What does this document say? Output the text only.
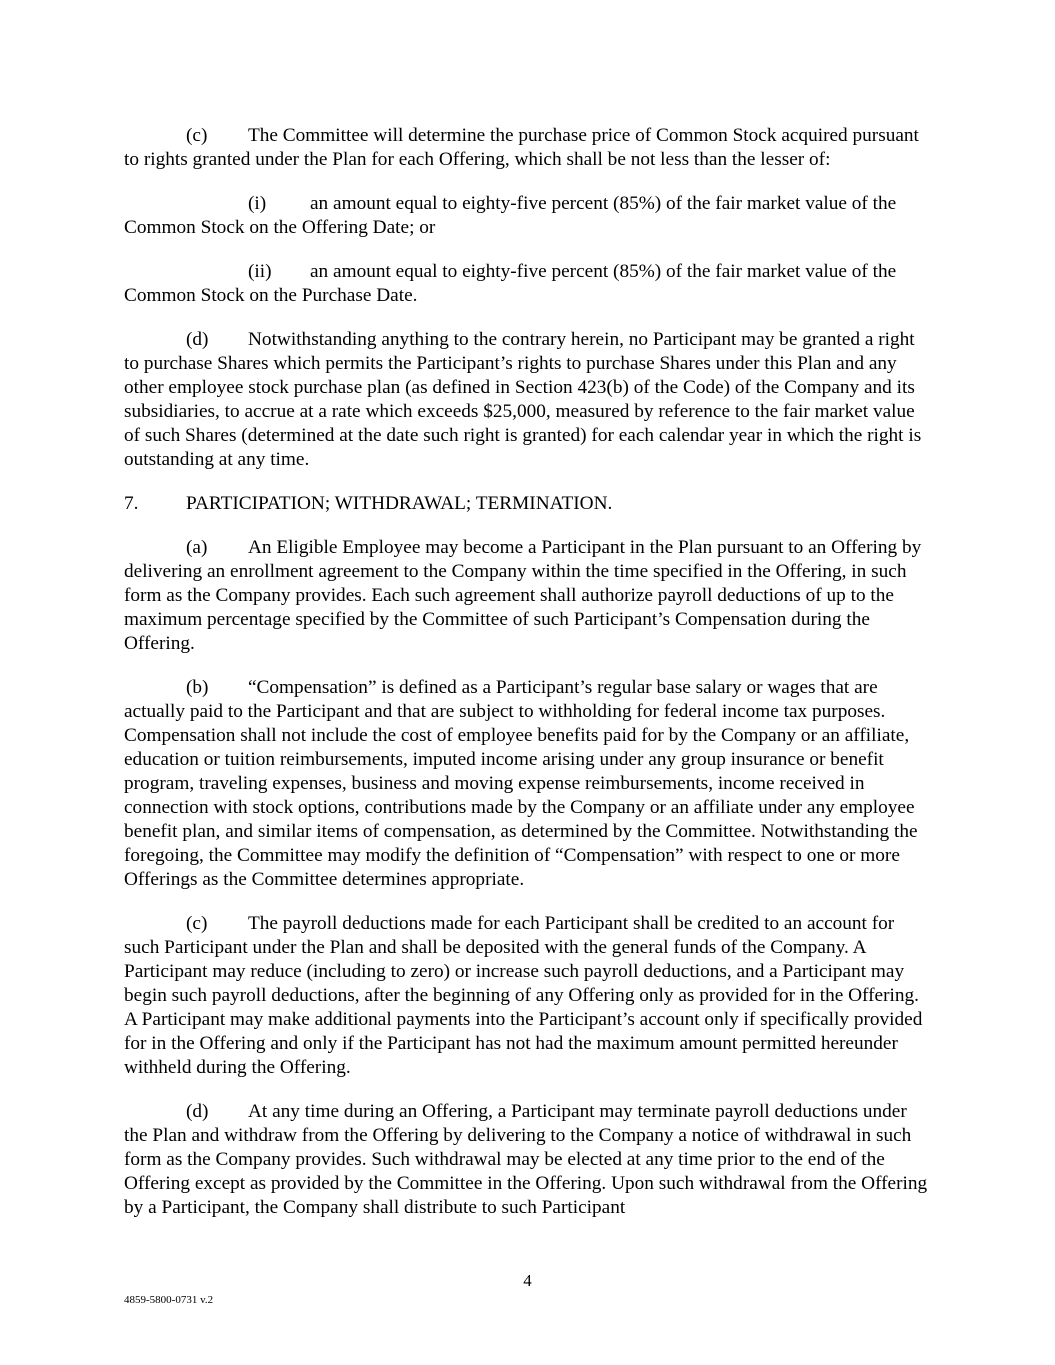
(c) The Committee will determine the purchase price of Common Stock acquired pursuant to rights granted under the Plan for each Offering, which shall be not less than the lesser of:

(i) an amount equal to eighty-five percent (85%) of the fair market value of the Common Stock on the Offering Date; or

(ii) an amount equal to eighty-five percent (85%) of the fair market value of the Common Stock on the Purchase Date.

(d) Notwithstanding anything to the contrary herein, no Participant may be granted a right to purchase Shares which permits the Participant’s rights to purchase Shares under this Plan and any other employee stock purchase plan (as defined in Section 423(b) of the Code) of the Company and its subsidiaries, to accrue at a rate which exceeds $25,000, measured by reference to the fair market value of such Shares (determined at the date such right is granted) for each calendar year in which the right is outstanding at any time.

7. PARTICIPATION; WITHDRAWAL; TERMINATION.

(a) An Eligible Employee may become a Participant in the Plan pursuant to an Offering by delivering an enrollment agreement to the Company within the time specified in the Offering, in such form as the Company provides. Each such agreement shall authorize payroll deductions of up to the maximum percentage specified by the Committee of such Participant’s Compensation during the Offering.

(b) “Compensation” is defined as a Participant’s regular base salary or wages that are actually paid to the Participant and that are subject to withholding for federal income tax purposes. Compensation shall not include the cost of employee benefits paid for by the Company or an affiliate, education or tuition reimbursements, imputed income arising under any group insurance or benefit program, traveling expenses, business and moving expense reimbursements, income received in connection with stock options, contributions made by the Company or an affiliate under any employee benefit plan, and similar items of compensation, as determined by the Committee. Notwithstanding the foregoing, the Committee may modify the definition of “Compensation” with respect to one or more Offerings as the Committee determines appropriate.

(c) The payroll deductions made for each Participant shall be credited to an account for such Participant under the Plan and shall be deposited with the general funds of the Company. A Participant may reduce (including to zero) or increase such payroll deductions, and a Participant may begin such payroll deductions, after the beginning of any Offering only as provided for in the Offering. A Participant may make additional payments into the Participant’s account only if specifically provided for in the Offering and only if the Participant has not had the maximum amount permitted hereunder withheld during the Offering.

(d) At any time during an Offering, a Participant may terminate payroll deductions under the Plan and withdraw from the Offering by delivering to the Company a notice of withdrawal in such form as the Company provides. Such withdrawal may be elected at any time prior to the end of the Offering except as provided by the Committee in the Offering. Upon such withdrawal from the Offering by a Participant, the Company shall distribute to such Participant

4
4859-5800-0731 v.2
